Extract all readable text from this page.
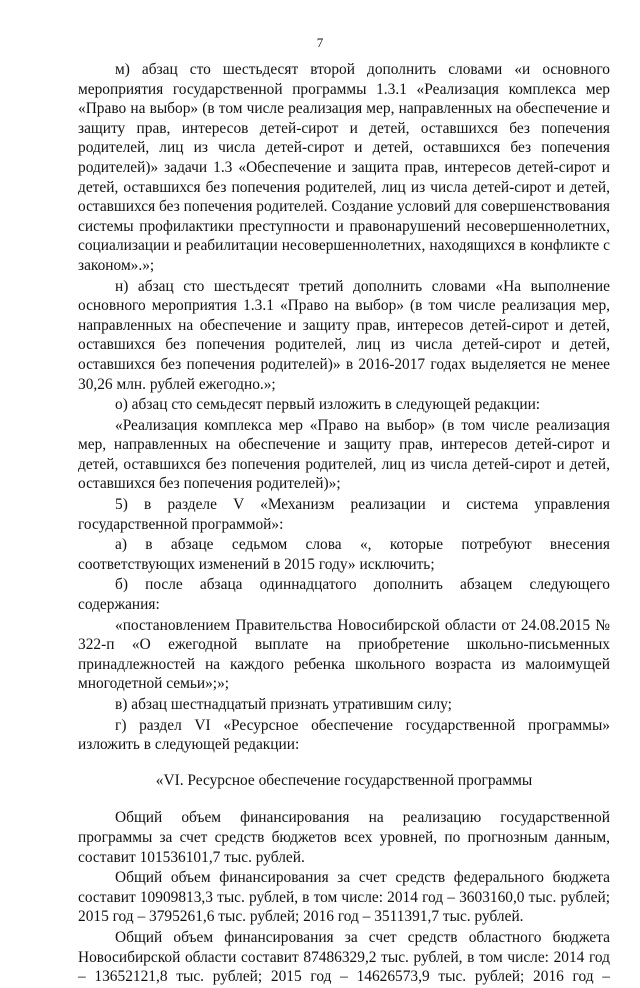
7

м) абзац сто шестьдесят второй дополнить словами «и основного мероприятия государственной программы 1.3.1 «Реализация комплекса мер «Право на выбор» (в том числе реализация мер, направленных на обеспечение и защиту прав, интересов детей-сирот и детей, оставшихся без попечения родителей, лиц из числа детей-сирот и детей, оставшихся без попечения родителей)» задачи 1.3 «Обеспечение и защита прав, интересов детей-сирот и детей, оставшихся без попечения родителей, лиц из числа детей-сирот и детей, оставшихся без попечения родителей. Создание условий для совершенствования системы профилактики преступности и правонарушений несовершеннолетних, социализации и реабилитации несовершеннолетних, находящихся в конфликте с законом».»;

н) абзац сто шестьдесят третий дополнить словами «На выполнение основного мероприятия 1.3.1 «Право на выбор» (в том числе реализация мер, направленных на обеспечение и защиту прав, интересов детей-сирот и детей, оставшихся без попечения родителей, лиц из числа детей-сирот и детей, оставшихся без попечения родителей)» в 2016-2017 годах выделяется не менее 30,26 млн. рублей ежегодно.»;

о) абзац сто семьдесят первый изложить в следующей редакции:

«Реализация комплекса мер «Право на выбор» (в том числе реализация мер, направленных на обеспечение и защиту прав, интересов детей-сирот и детей, оставшихся без попечения родителей, лиц из числа детей-сирот и детей, оставшихся без попечения родителей)»;

5) в разделе V «Механизм реализации и система управления государственной программой»:

а) в абзаце седьмом слова «, которые потребуют внесения соответствующих изменений в 2015 году» исключить;

б) после абзаца одиннадцатого дополнить абзацем следующего содержания:

«постановлением Правительства Новосибирской области от 24.08.2015 № 322-п «О ежегодной выплате на приобретение школьно-письменных принадлежностей на каждого ребенка школьного возраста из малоимущей многодетной семьи»;»;

в) абзац шестнадцатый признать утратившим силу;

г) раздел VI «Ресурсное обеспечение государственной программы» изложить в следующей редакции:

«VI. Ресурсное обеспечение государственной программы

Общий объем финансирования на реализацию государственной программы за счет средств бюджетов всех уровней, по прогнозным данным, составит 101536101,7 тыс. рублей.

Общий объем финансирования за счет средств федерального бюджета составит 10909813,3 тыс. рублей, в том числе: 2014 год – 3603160,0 тыс. рублей; 2015 год – 3795261,6 тыс. рублей; 2016 год – 3511391,7 тыс. рублей.

Общий объем финансирования за счет средств областного бюджета Новосибирской области составит 87486329,2 тыс. рублей, в том числе: 2014 год – 13652121,8 тыс. рублей; 2015 год – 14626573,9 тыс. рублей; 2016 год –
